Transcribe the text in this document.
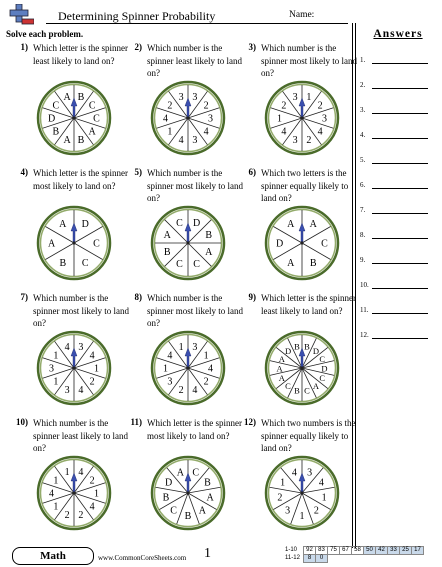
Determining Spinner Probability	Name:
Answers
1.
2.
3.
4.
5.
6.
7.
8.
9.
10.
11.
12.
Solve each problem.
1) Which letter is the spinner least likely to land on?
B
C
C
A
B
A
B
D
C
A
2) Which number is the spinner least likely to land on?
3
2
3
4
3
4
1
4
2
3
3) Which number is the spinner most likely to land on?
1
2
3
4
2
3
4
1
2
3
4) Which letter is the spinner most likely to land on?
D
C
C
B
A
A
5) Which number is the spinner most likely to land on?
D
B
A
C
C
B
A
C
6) Which two letters is the spinner equally likely to land on?
A
C
B
A
D
A
7) Which number is the spinner most likely to land on?
3
4
1
2
4
3
1
3
1
4
8) Which number is the spinner most likely to land on?
3
1
4
2
4
2
3
1
4
1
9) Which letter is the spinner least likely to land on?
B D
C
D
C
A
C
B
C
A
A
A
D B
10) Which number is the spinner least likely to land on?
4
2
1
4
2
2
1
4
1
1
11) Which letter is the spinner most likely to land on?
C
B
A
A
B
C
B
D
A
12) Which two numbers is the spinner equally likely to land on?
3
4
1
2
1
3
2
1
4
Math	www.CommonCoreSheets.com 1	1-10	92	83	75	67	58	50	42	33	25	17
11-12	8	0								
